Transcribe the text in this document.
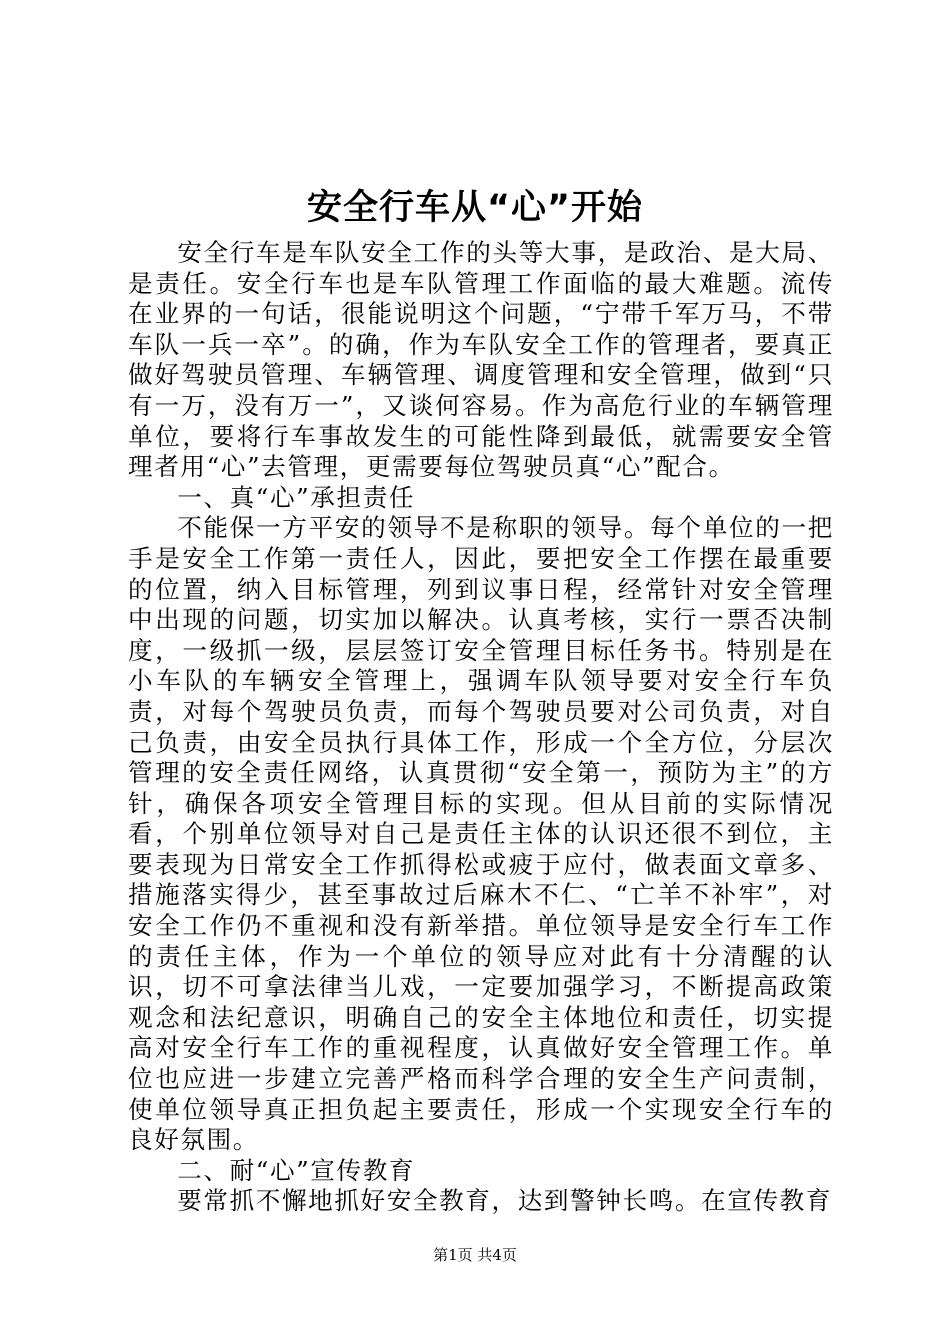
安全行车从“心”开始

安全行车是车队安全工作的头等大事，是政治、是大局、是责任。安全行车也是车队管理工作面临的最大难题。流传在业界的一句话，很能说明这个问题，“宁带千军万马，不带车队一兵一卒”。的确，作为车队安全工作的管理者，要真正做好驾驶员管理、车辆管理、调度管理和安全管理，做到“只有一万，没有万一”，又谈何容易。作为高危行业的车辆管理单位，要将行车事故发生的可能性降到最低，就需要安全管理者用“心”去管理，更需要每位驾驶员真“心”配合。

一、真“心”承担责任

不能保一方平安的领导不是称职的领导。每个单位的一把手是安全工作第一责任人，因此，要把安全工作摆在最重要的位置，纳入目标管理，列到议事日程，经常针对安全管理中出现的问题，切实加以解决。认真考核，实行一票否决制度，一级抓一级，层层签订安全管理目标任务书。特别是在小车队的车辆安全管理上，强调车队领导要对安全行车负责，对每个驾驶员负责，而每个驾驶员要对公司负责，对自己负责，由安全员执行具体工作，形成一个全方位，分层次管理的安全责任网络，认真贯彻“安全第一，预防为主”的方针，确保各项安全管理目标的实现。但从目前的实际情况看，个别单位领导对自己是责任主体的认识还很不到位，主要表现为日常安全工作抓得松或疲于应付，做表面文章多、措施落实得少，甚至事故过后麻木不仁、“亡羊不补牢”，对安全工作仍不重视和没有新举措。单位领导是安全行车工作的责任主体，作为一个单位的领导应对此有十分清醒的认识，切不可拿法律当儿戏，一定要加强学习，不断提高政策观念和法纪意识，明确自己的安全主体地位和责任，切实提高对安全行车工作的重视程度，认真做好安全管理工作。单位也应进一步建立完善严格而科学合理的安全生产问责制，使单位领导真正担负起主要责任，形成一个实现安全行车的良好氛围。

二、耐“心”宣传教育

要常抓不懈地抓好安全教育，达到警钟长鸣。在宣传教育

第1页 共4页
